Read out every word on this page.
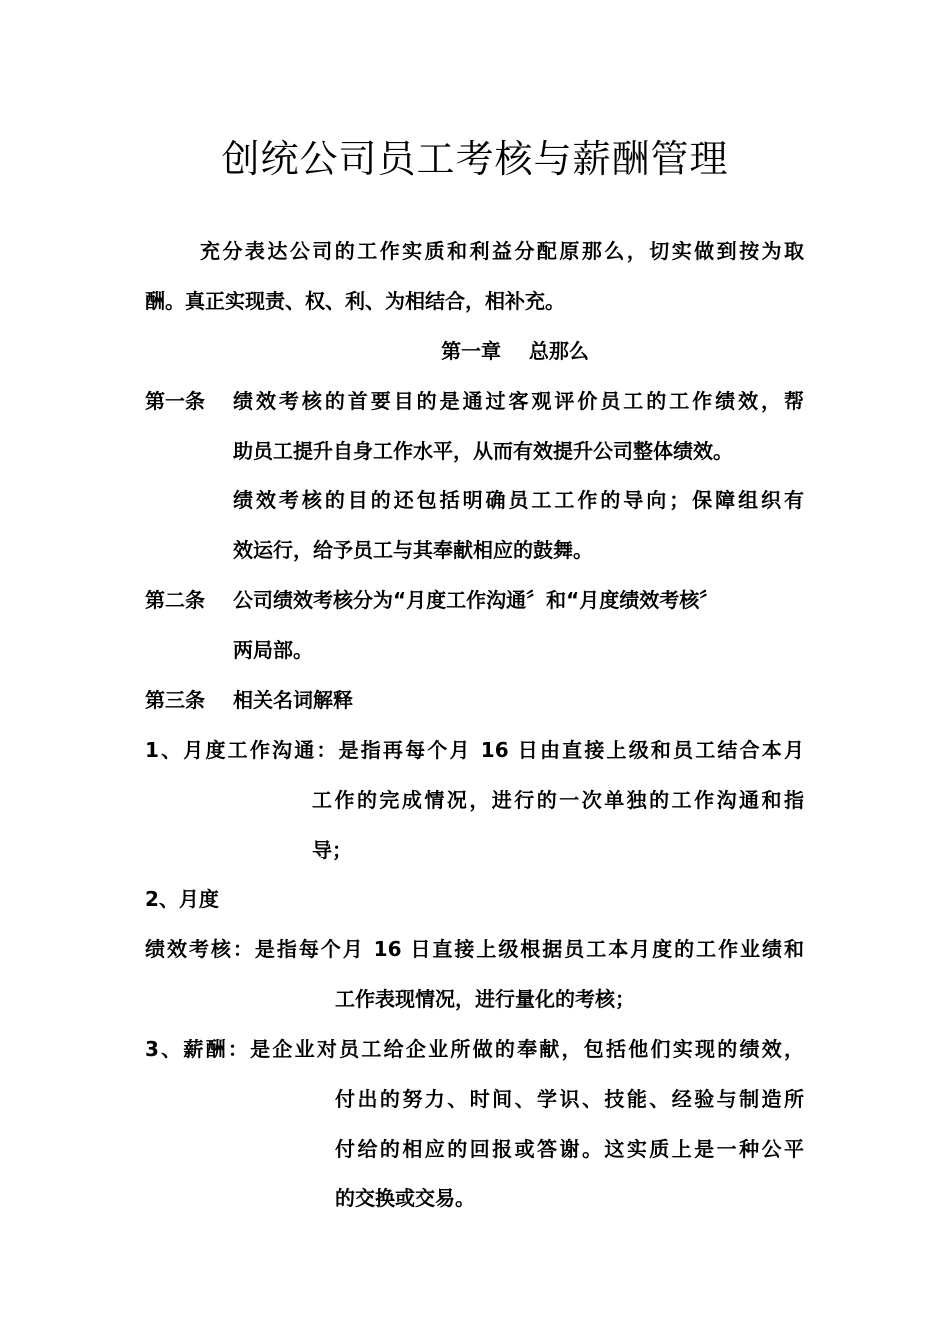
创统公司员工考核与薪酬管理
充分表达公司的工作实质和利益分配原那么，切实做到按为取
酬。真正实现责、权、利、为相结合，相补充。
第一章    总那么
第一条 绩效考核的首要目的是通过客观评价员工的工作绩效，帮
助员工提升自身工作水平，从而有效提升公司整体绩效。
绩效考核的目的还包括明确员工工作的导向；保障组织有
效运行，给予员工与其奉献相应的鼓舞。
第二条 公司绩效考核分为“月度工作沟通〞和“月度绩效考核〞
两局部。
第三条 相关名词解释
1、月度工作沟通：是指再每个月 16 日由直接上级和员工结合本月
工作的完成情况，进行的一次单独的工作沟通和指
导；
2、月度
绩效考核：是指每个月 16 日直接上级根据员工本月度的工作业绩和
工作表现情况，进行量化的考核；
3、薪酬：是企业对员工给企业所做的奉献，包括他们实现的绩效，
付出的努力、时间、学识、技能、经验与制造所
付给的相应的回报或答谢。这实质上是一种公平
的交换或交易。
